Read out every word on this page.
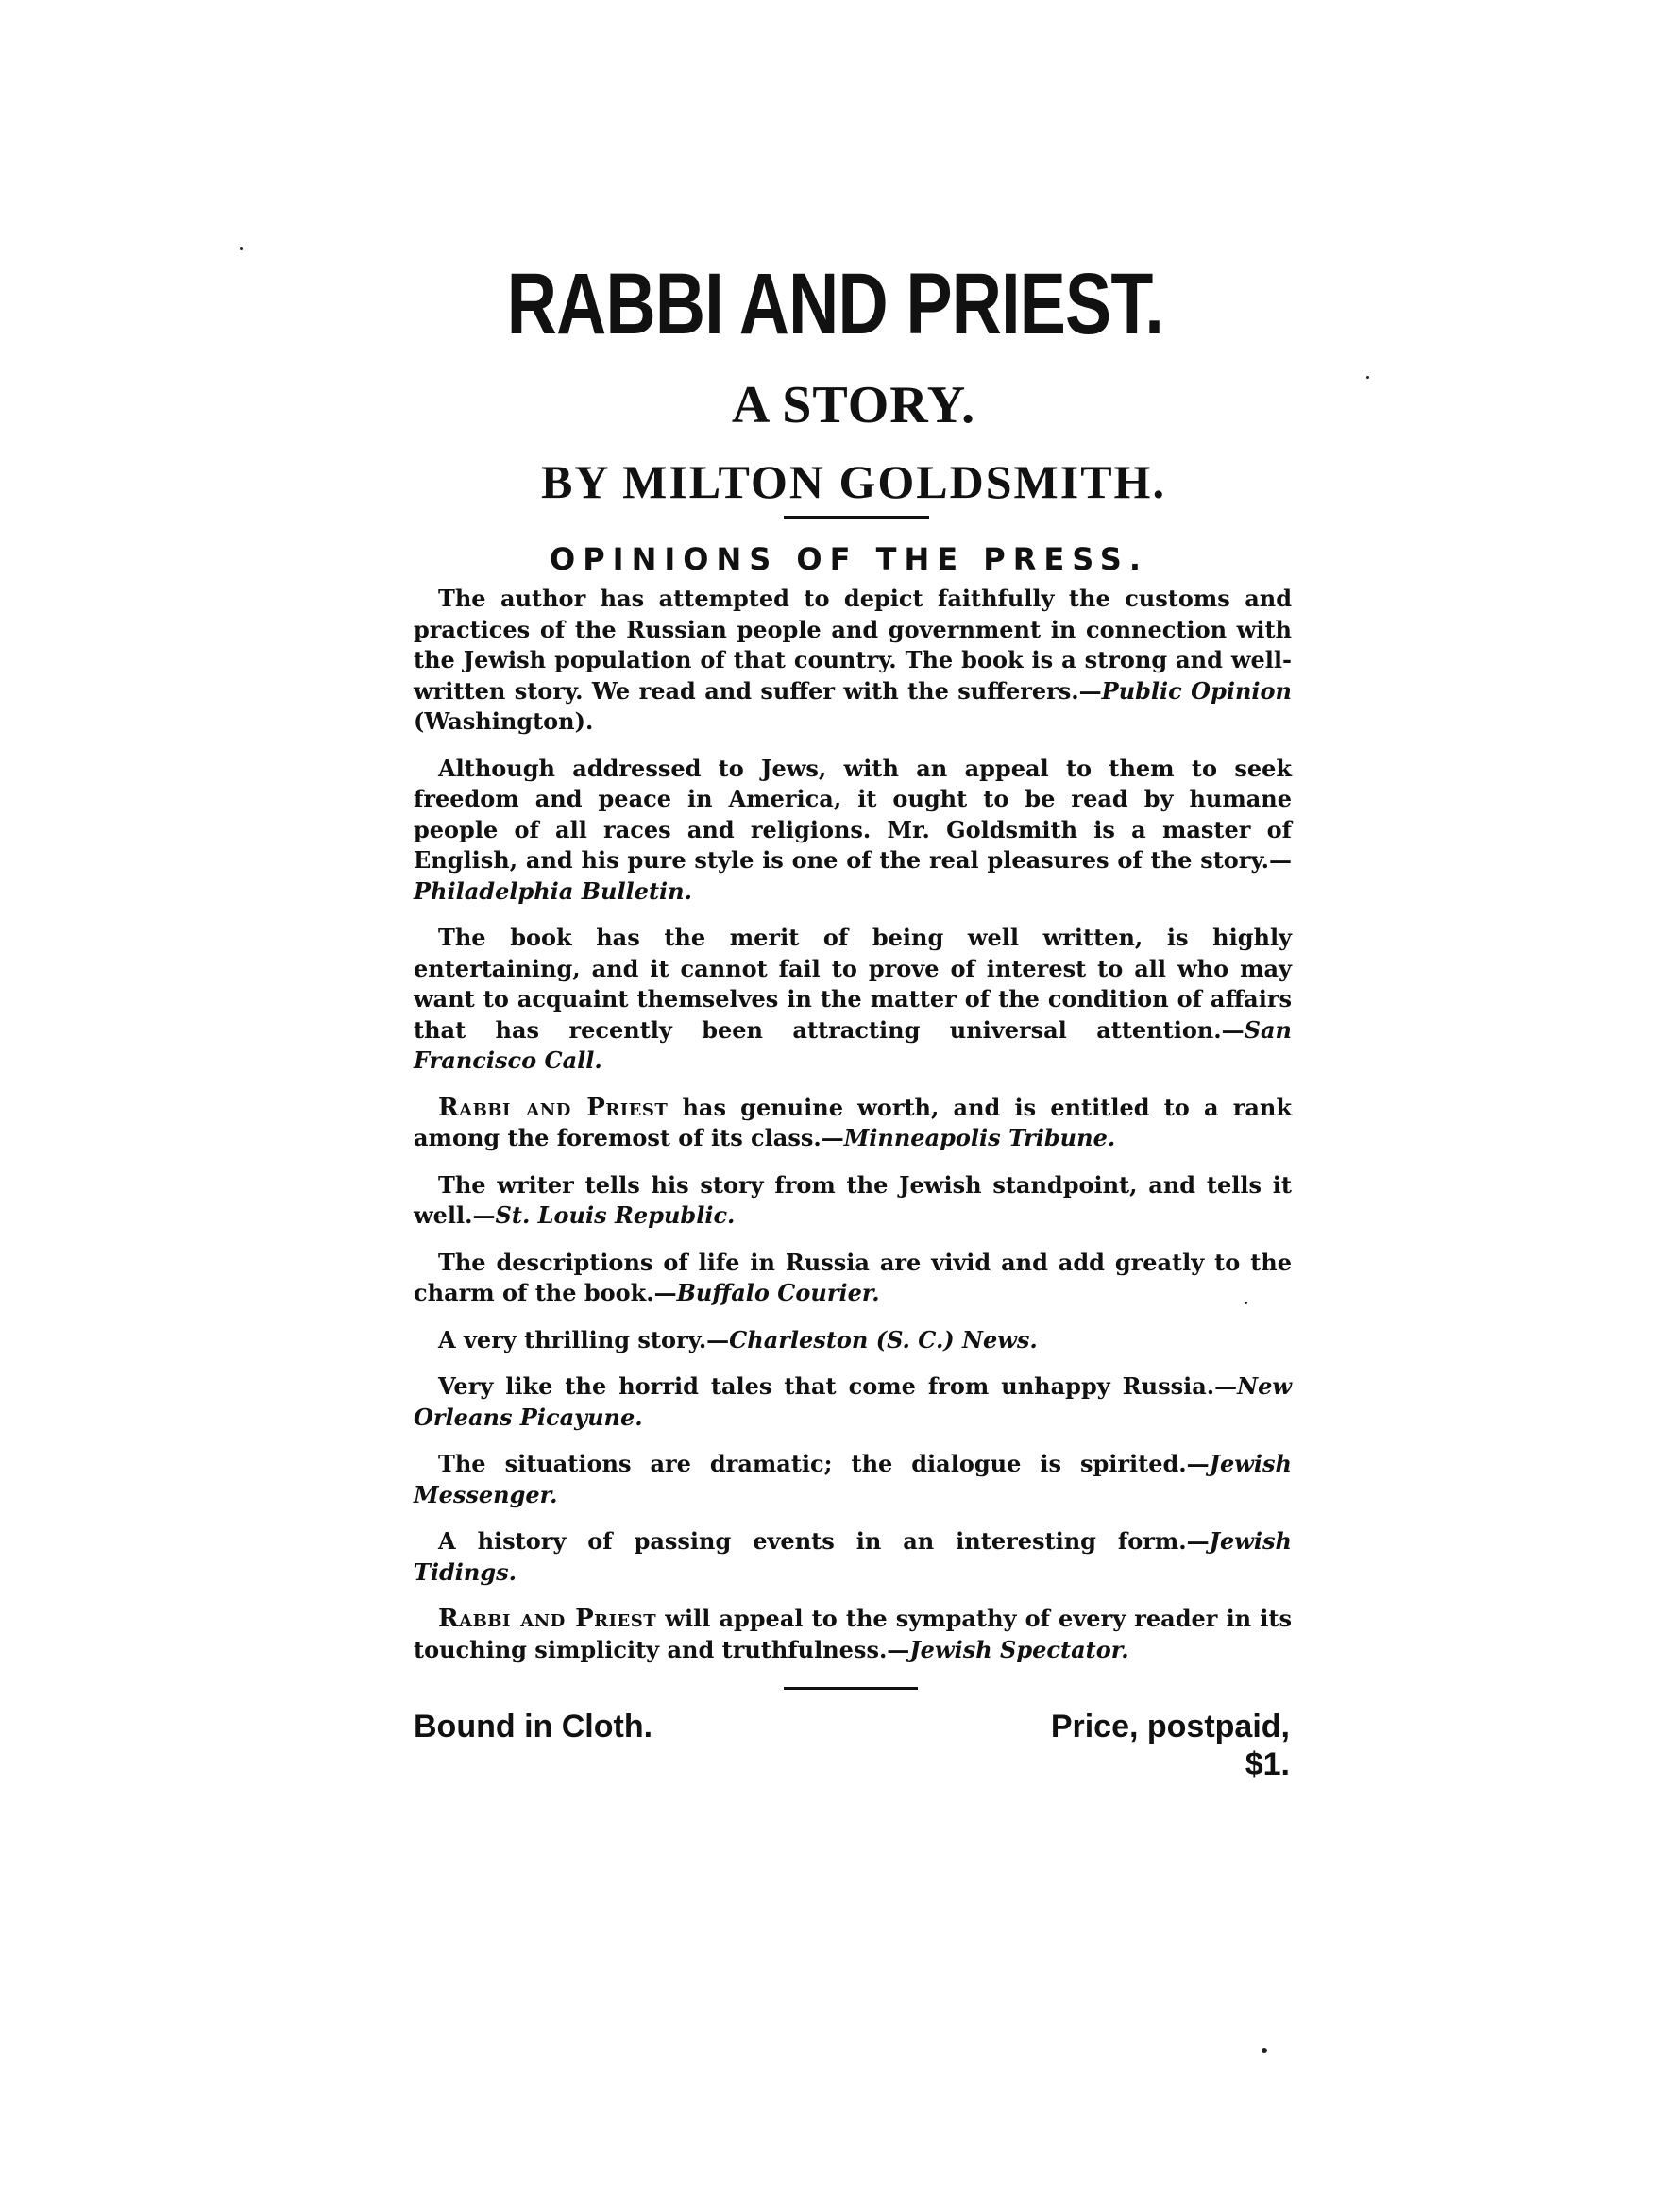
RABBI AND PRIEST.
A STORY.
BY MILTON GOLDSMITH.
OPINIONS OF THE PRESS.

The author has attempted to depict faithfully the customs and practices of the Russian people and government in connection with the Jewish population of that country. The book is a strong and well-written story. We read and suffer with the sufferers.—Public Opinion (Washington).

Although addressed to Jews, with an appeal to them to seek freedom and peace in America, it ought to be read by humane people of all races and religions. Mr. Goldsmith is a master of English, and his pure style is one of the real pleasures of the story.—Philadelphia Bulletin.

The book has the merit of being well written, is highly entertaining, and it cannot fail to prove of interest to all who may want to acquaint themselves in the matter of the condition of affairs that has recently been attracting universal attention.—San Francisco Call.

Rabbi and Priest has genuine worth, and is entitled to a rank among the foremost of its class.—Minneapolis Tribune.

The writer tells his story from the Jewish standpoint, and tells it well.—St. Louis Republic.

The descriptions of life in Russia are vivid and add greatly to the charm of the book.—Buffalo Courier.

A very thrilling story.—Charleston (S. C.) News.

Very like the horrid tales that come from unhappy Russia.—New Orleans Picayune.

The situations are dramatic; the dialogue is spirited.—Jewish Messenger.

A history of passing events in an interesting form.—Jewish Tidings.

Rabbi and Priest will appeal to the sympathy of every reader in its touching simplicity and truthfulness.—Jewish Spectator.

Bound in Cloth.	Price, postpaid, $1.
